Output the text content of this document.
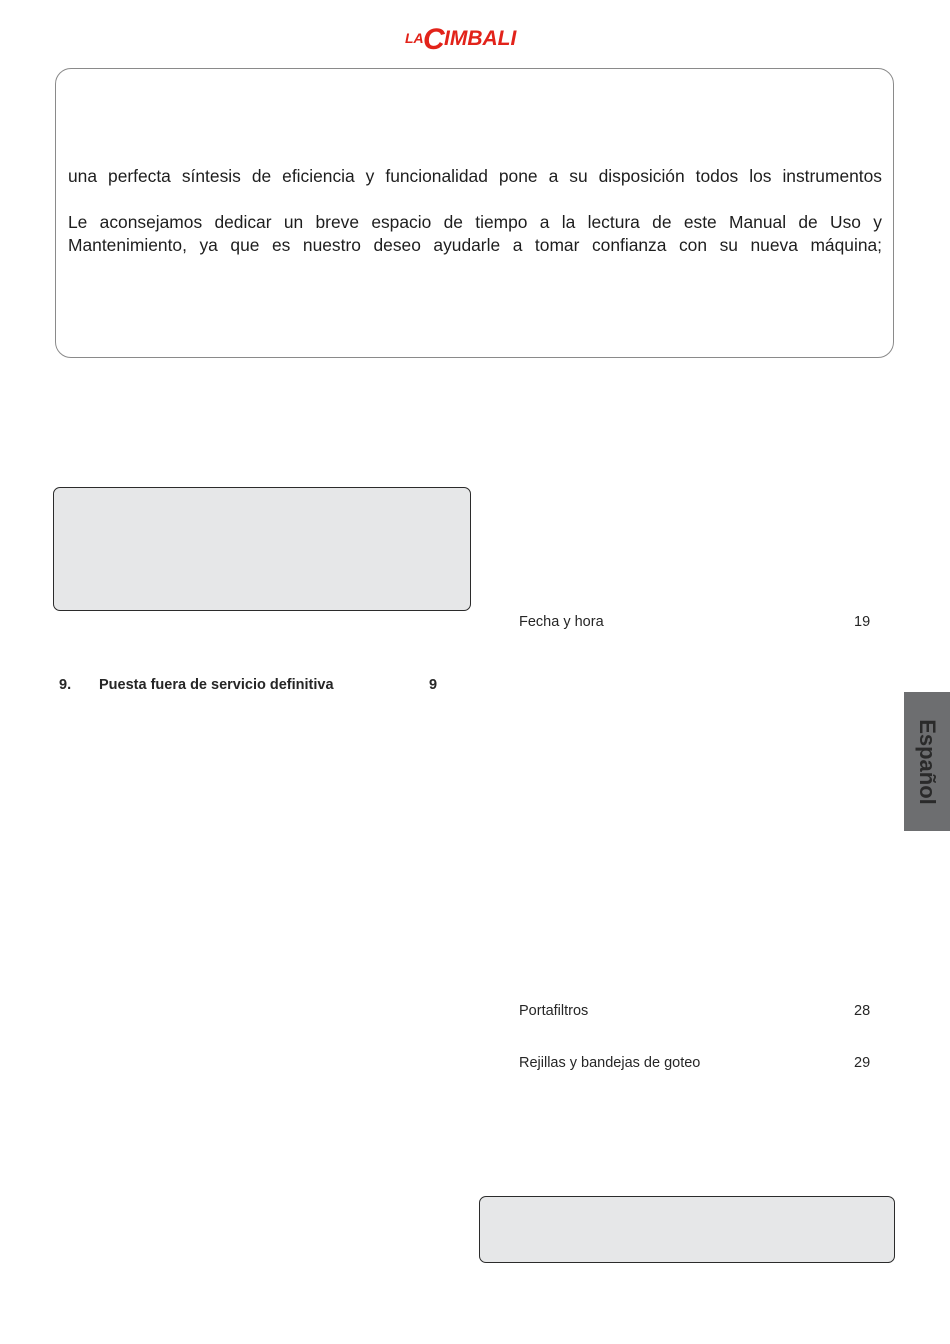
LA C IMBALI
una perfecta síntesis de eficiencia y funcionalidad pone a su disposición todos los instrumentos
Le aconsejamos dedicar un breve espacio de tiempo a la lectura de este Manual de Uso y
Mantenimiento, ya que es nuestro deseo ayudarle a tomar confianza con su nueva máquina;
9. Puesta fuera de servicio definitiva	9
Fecha y hora	19
Portafiltros	28
Rejillas y bandejas de goteo	29
Español
